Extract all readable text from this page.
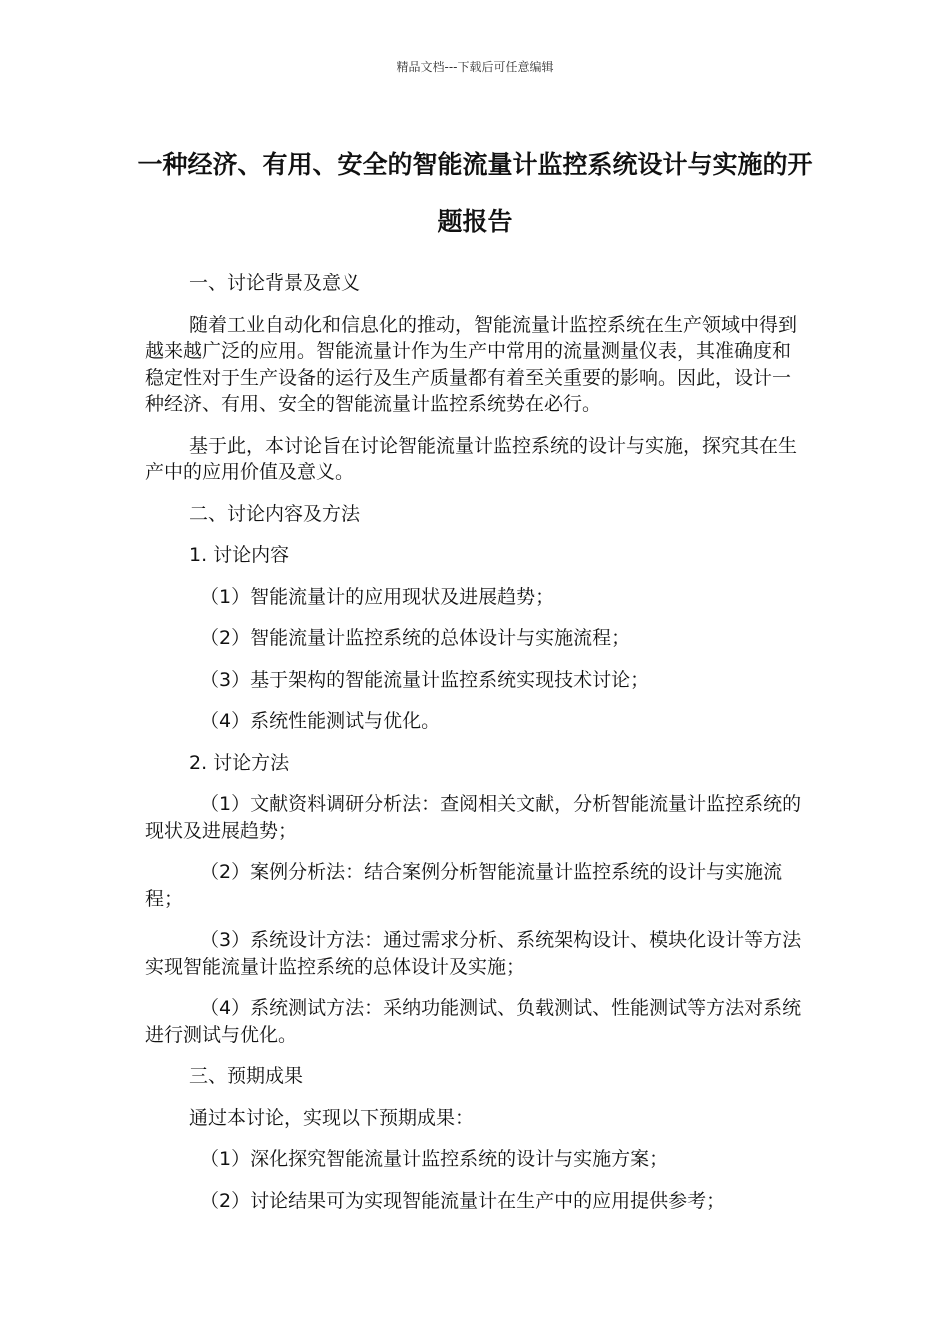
精品文档---下载后可任意编辑
一种经济、有用、安全的智能流量计监控系统设计与实施的开题报告

一、讨论背景及意义

随着工业自动化和信息化的推动，智能流量计监控系统在生产领域中得到越来越广泛的应用。智能流量计作为生产中常用的流量测量仪表，其准确度和稳定性对于生产设备的运行及生产质量都有着至关重要的影响。因此，设计一种经济、有用、安全的智能流量计监控系统势在必行。

基于此，本讨论旨在讨论智能流量计监控系统的设计与实施，探究其在生产中的应用价值及意义。

二、讨论内容及方法

1. 讨论内容

（1）智能流量计的应用现状及进展趋势；

（2）智能流量计监控系统的总体设计与实施流程；

（3）基于架构的智能流量计监控系统实现技术讨论；

（4）系统性能测试与优化。

2. 讨论方法

（1）文献资料调研分析法：查阅相关文献，分析智能流量计监控系统的现状及进展趋势；

（2）案例分析法：结合案例分析智能流量计监控系统的设计与实施流程；

（3）系统设计方法：通过需求分析、系统架构设计、模块化设计等方法实现智能流量计监控系统的总体设计及实施；

（4）系统测试方法：采纳功能测试、负载测试、性能测试等方法对系统进行测试与优化。

三、预期成果

通过本讨论，实现以下预期成果：

（1）深化探究智能流量计监控系统的设计与实施方案；

（2）讨论结果可为实现智能流量计在生产中的应用提供参考；
